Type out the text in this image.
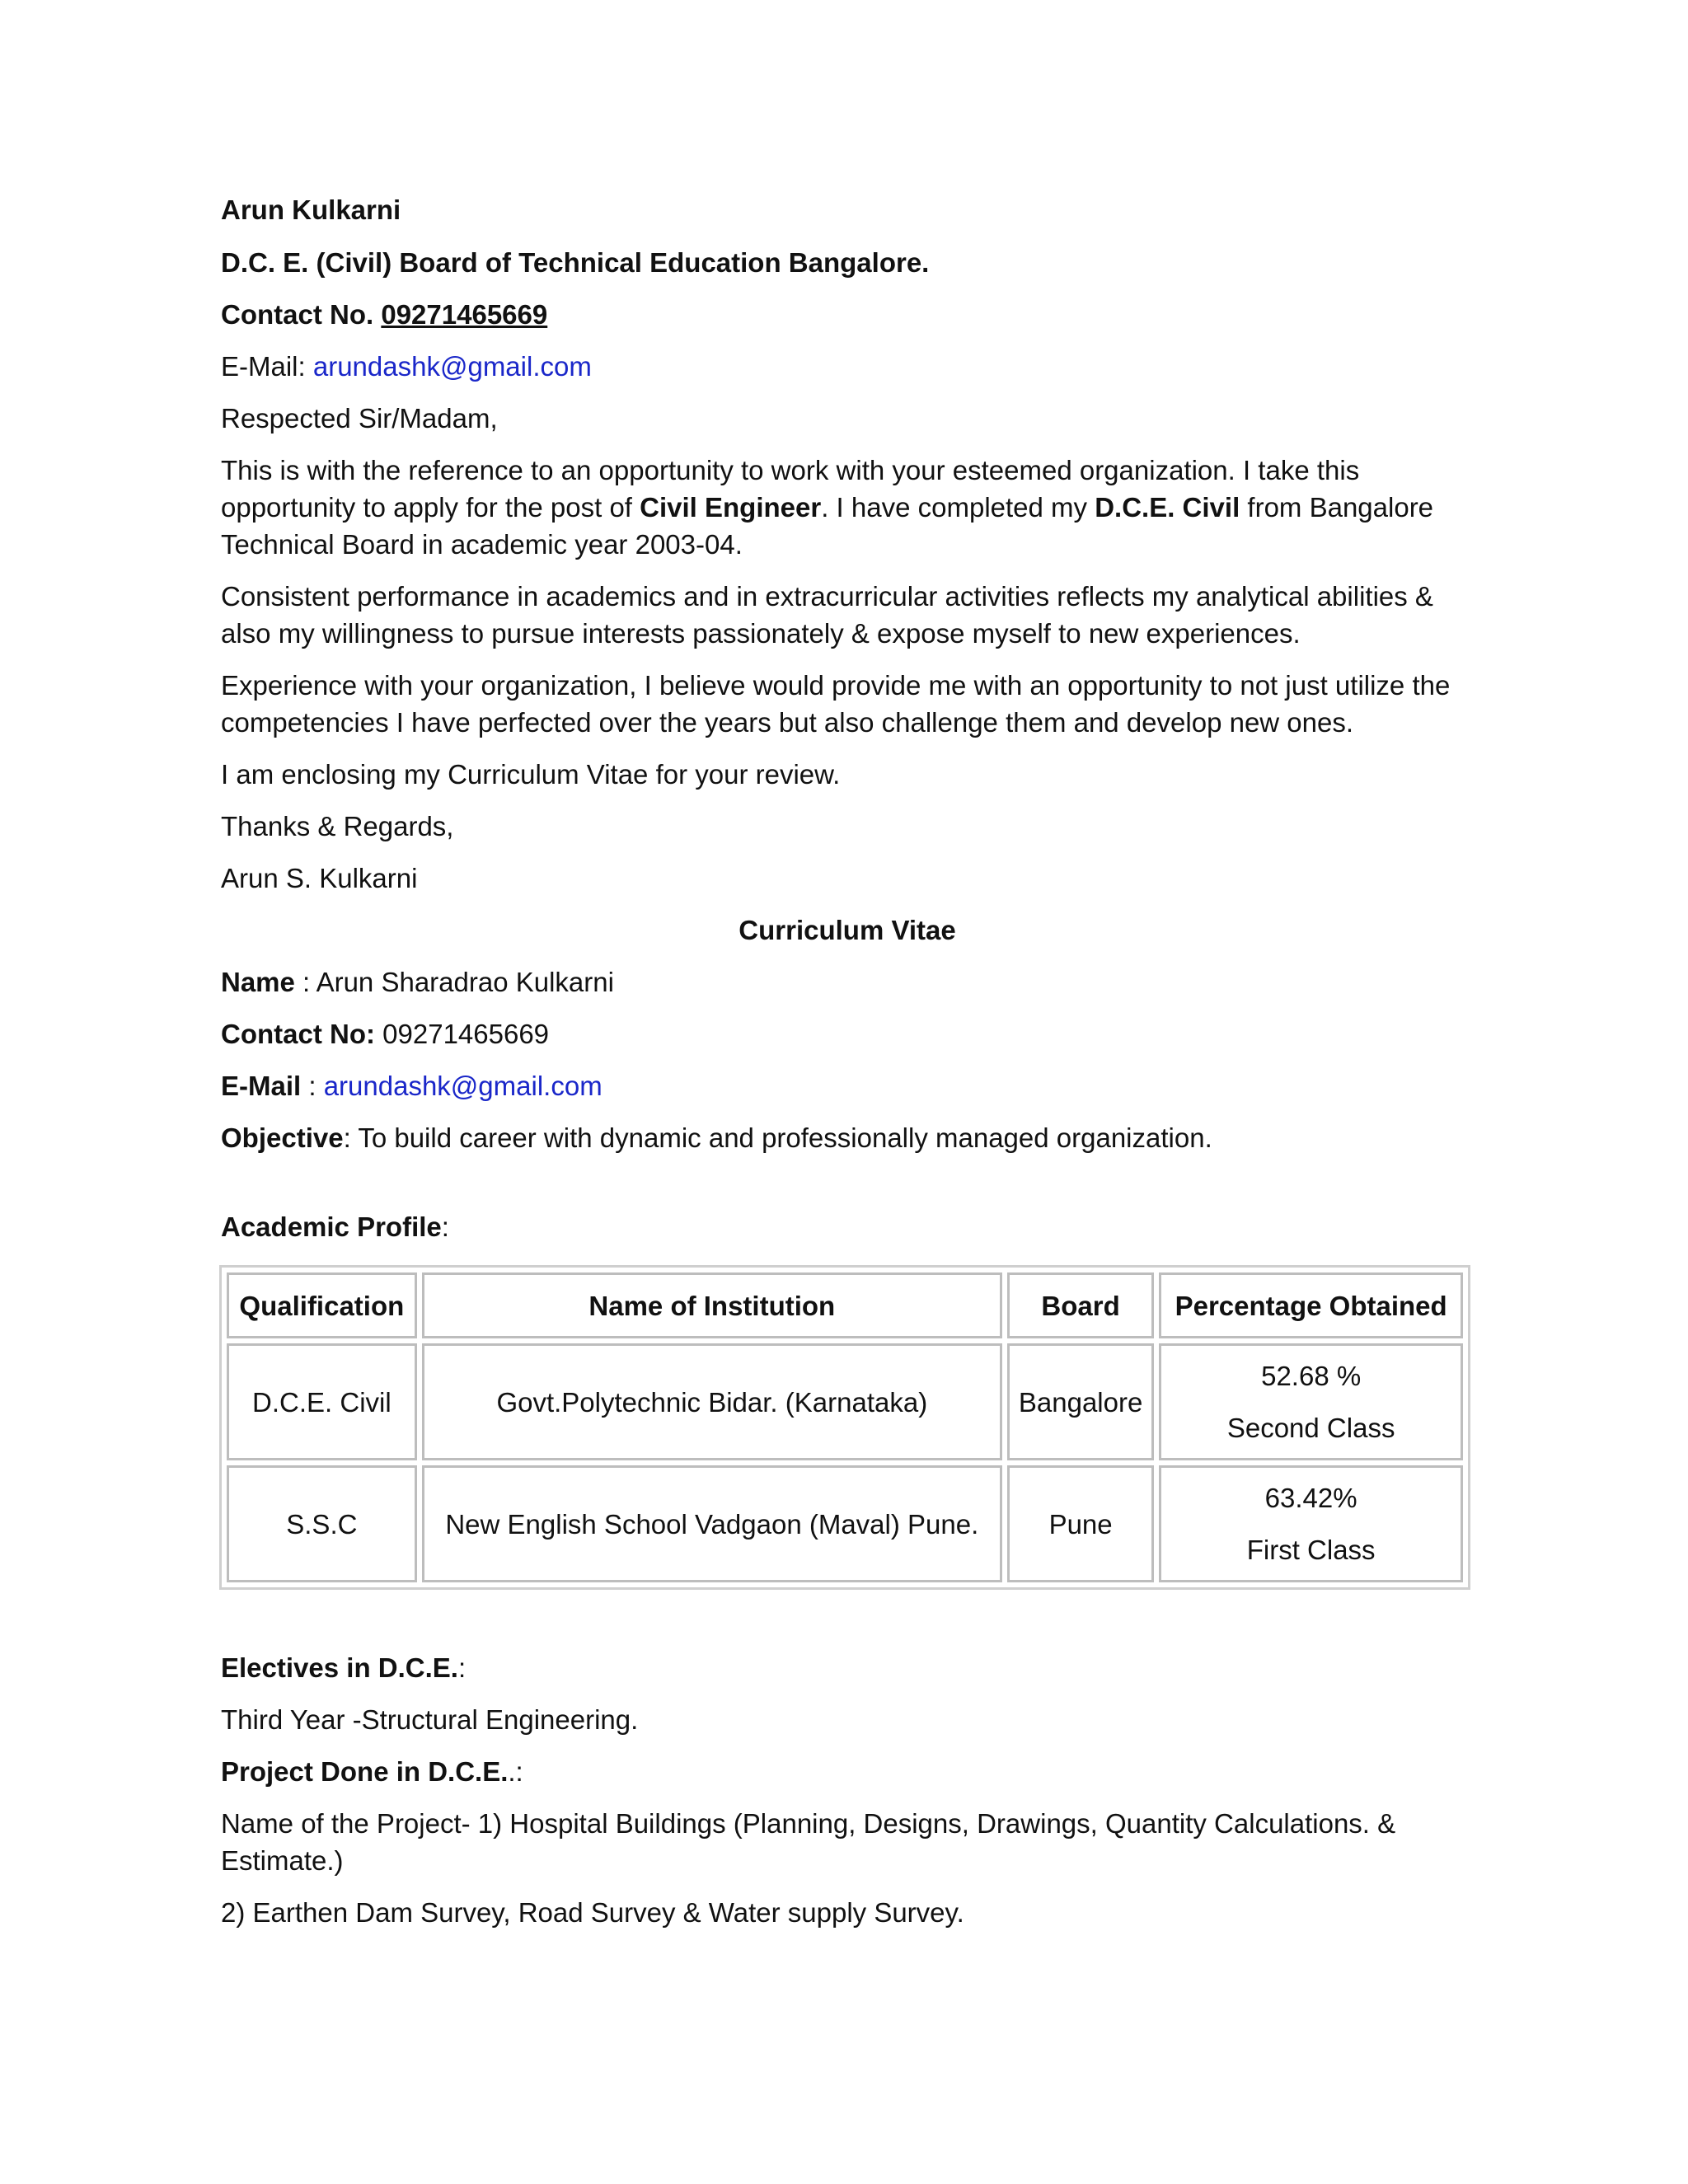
Arun Kulkarni

D.C. E. (Civil) Board of Technical Education Bangalore.

Contact No. 09271465669

E-Mail: arundashk@gmail.com

Respected Sir/Madam,

This is with the reference to an opportunity to work with your esteemed organization. I take this opportunity to apply for the post of Civil Engineer. I have completed my D.C.E. Civil from Bangalore Technical Board in academic year 2003-04.

Consistent performance in academics and in extracurricular activities reflects my analytical abilities & also my willingness to pursue interests passionately & expose myself to new experiences.

Experience with your organization, I believe would provide me with an opportunity to not just utilize the competencies I have perfected over the years but also challenge them and develop new ones.

I am enclosing my Curriculum Vitae for your review.

Thanks & Regards,

Arun S. Kulkarni

Curriculum Vitae

Name : Arun Sharadrao Kulkarni

Contact No: 09271465669

E-Mail : arundashk@gmail.com

Objective: To build career with dynamic and professionally managed organization.

Academic Profile:

Qualification	Name of Institution	Board	Percentage Obtained
D.C.E. Civil	Govt.Polytechnic Bidar. (Karnataka)	Bangalore	52.68 %
Second Class

S.S.C	New English School Vadgaon (Maval) Pune.	Pune	63.42%
First Class

Electives in D.C.E.:

Third Year -Structural Engineering.

Project Done in D.C.E..:

Name of the Project- 1) Hospital Buildings (Planning, Designs, Drawings, Quantity Calculations. & Estimate.)

2) Earthen Dam Survey, Road Survey & Water supply Survey.
